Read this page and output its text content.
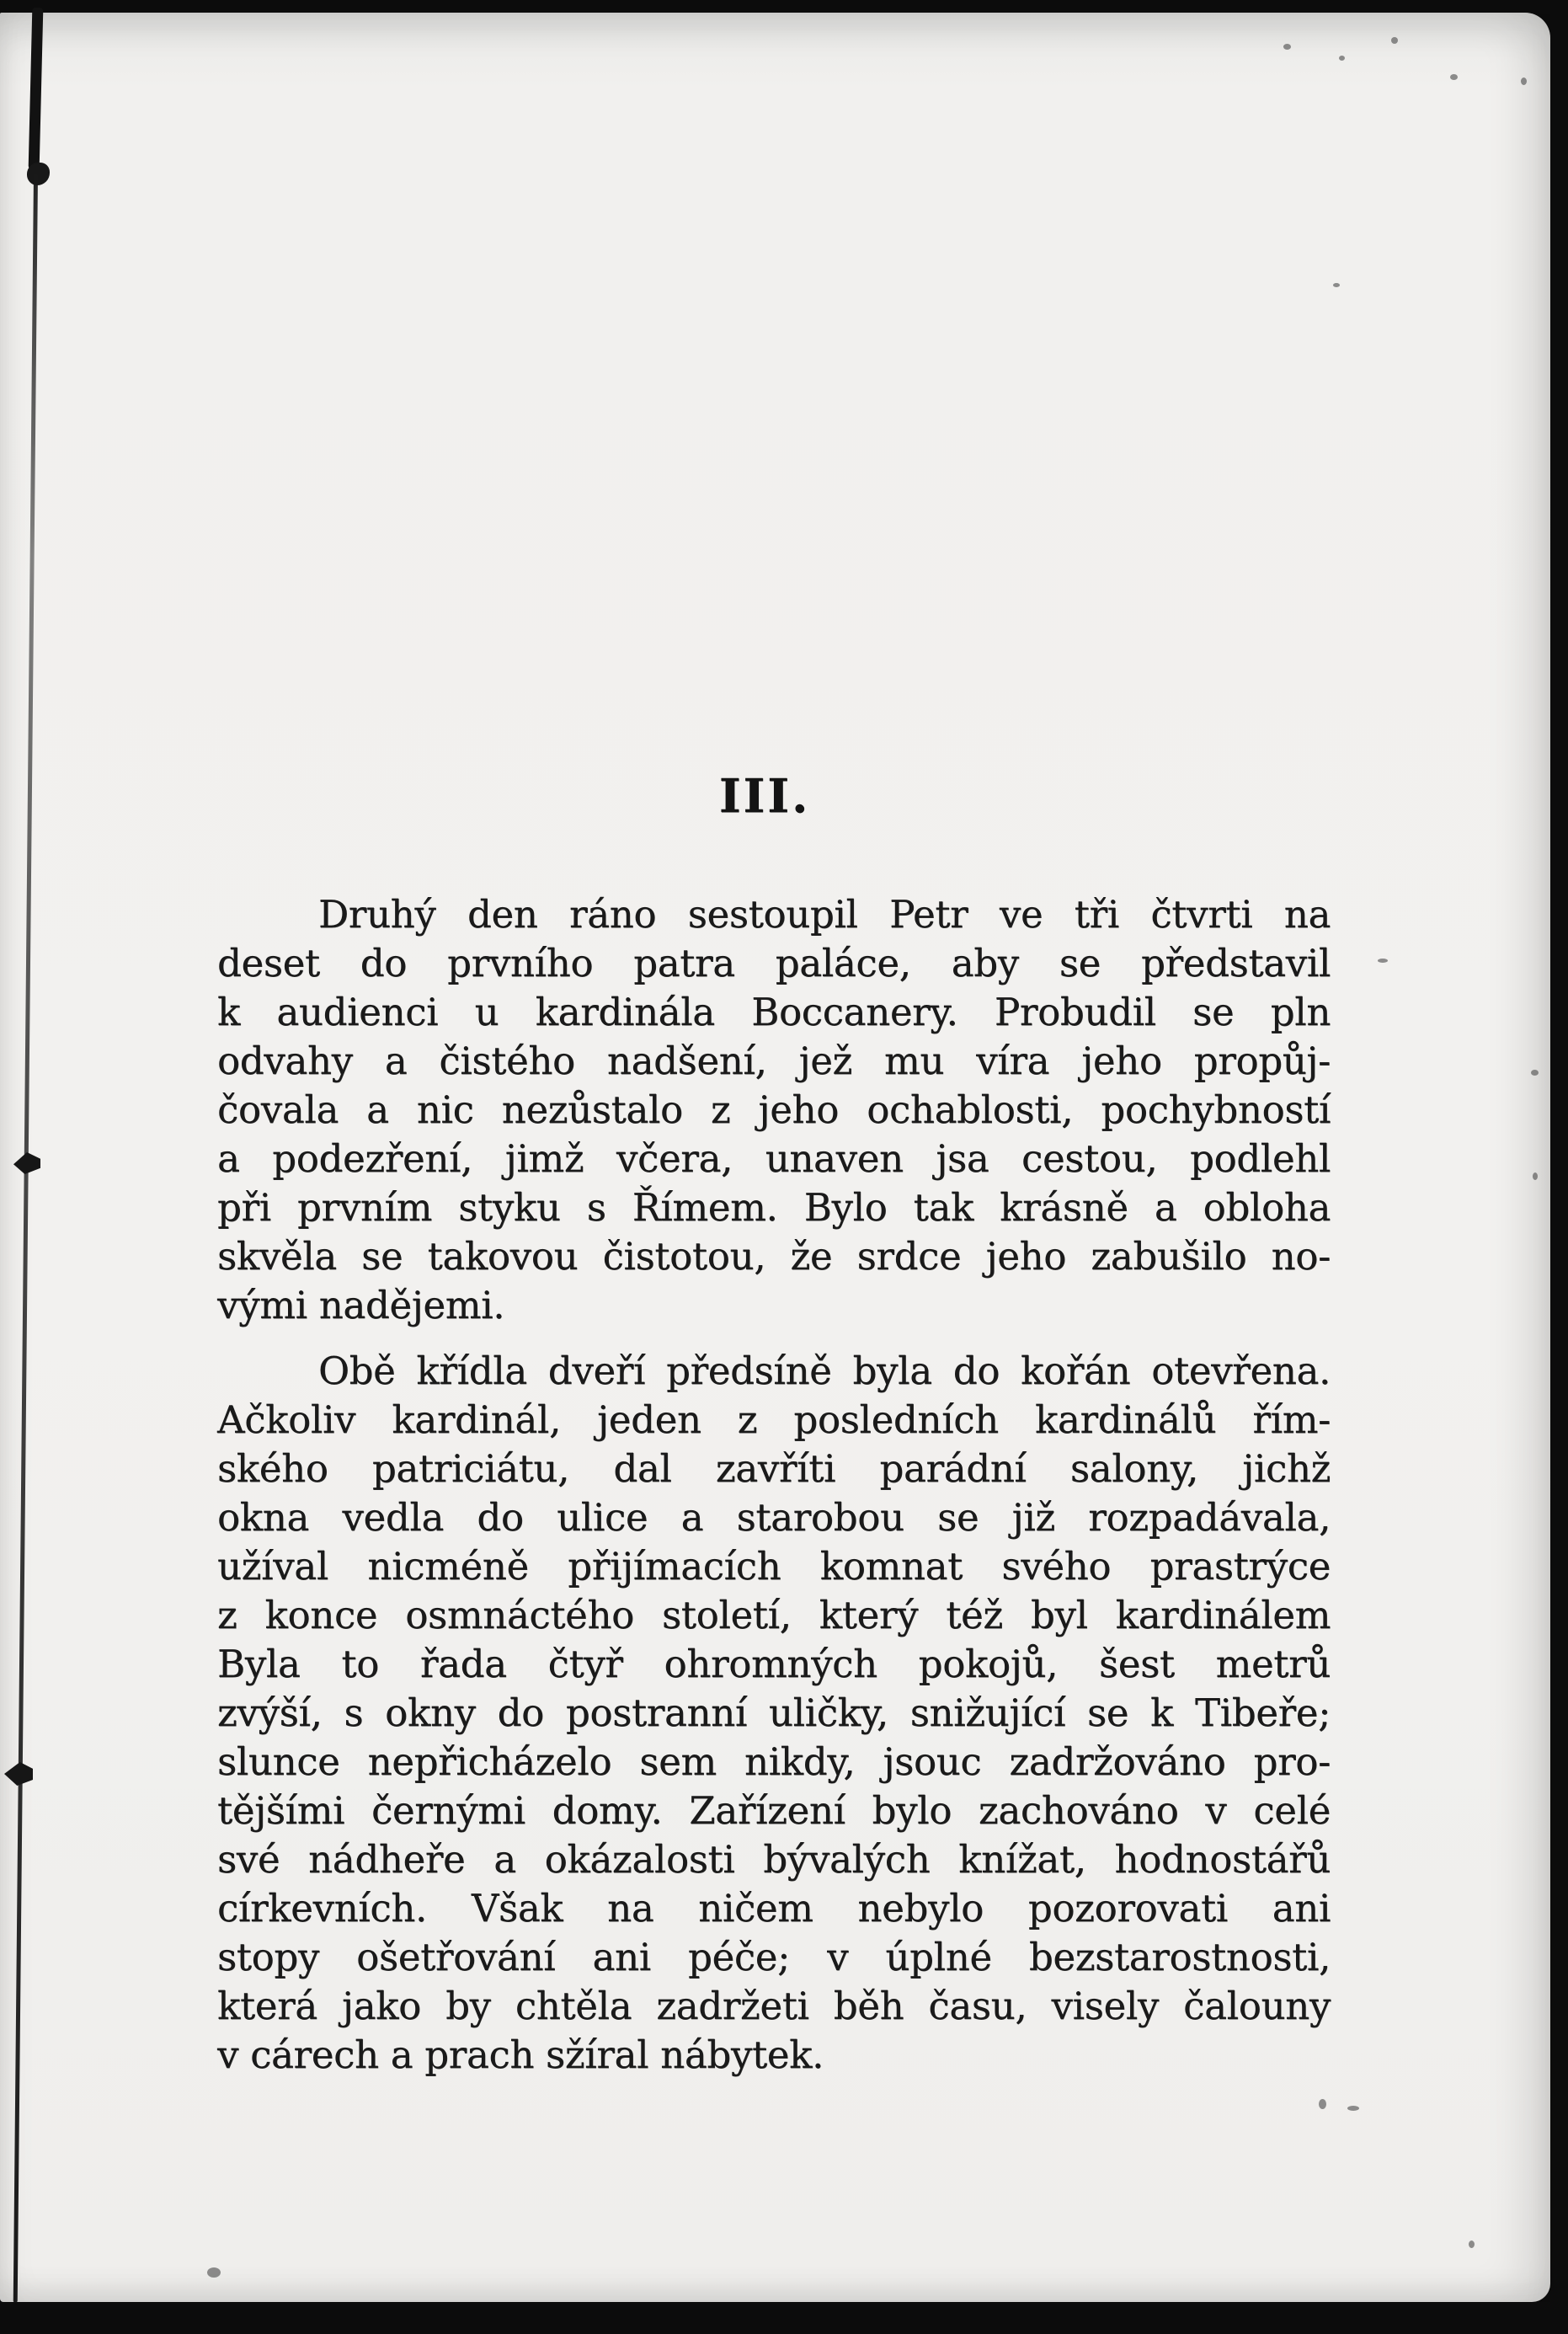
III.

Druhý den ráno sestoupil Petr ve tři čtvrti na
deset do prvního patra paláce, aby se představil
k audienci u kardinála Boccanery. Probudil se pln
odvahy a čistého nadšení, jež mu víra jeho propůj-
čovala a nic nezůstalo z jeho ochablosti, pochybností
a podezření, jimž včera, unaven jsa cestou, podlehl
při prvním styku s Římem. Bylo tak krásně a obloha
skvěla se takovou čistotou, že srdce jeho zabušilo no-
vými nadějemi.

Obě křídla dveří předsíně byla do kořán otevřena.
Ačkoliv kardinál, jeden z posledních kardinálů řím-
ského patriciátu, dal zavříti parádní salony, jichž
okna vedla do ulice a starobou se již rozpadávala,
užíval nicméně přijímacích komnat svého prastrýce
z konce osmnáctého století, který též byl kardinálem
Byla to řada čtyř ohromných pokojů, šest metrů
zvýší, s okny do postranní uličky, snižující se k Tibeře;
slunce nepřicházelo sem nikdy, jsouc zadržováno pro-
tějšími černými domy. Zařízení bylo zachováno v celé
své nádheře a okázalosti bývalých knížat, hodnostářů
církevních. Však na ničem nebylo pozorovati ani
stopy ošetřování ani péče; v úplné bezstarostnosti,
která jako by chtěla zadržeti běh času, visely čalouny
v cárech a prach sžíral nábytek.
